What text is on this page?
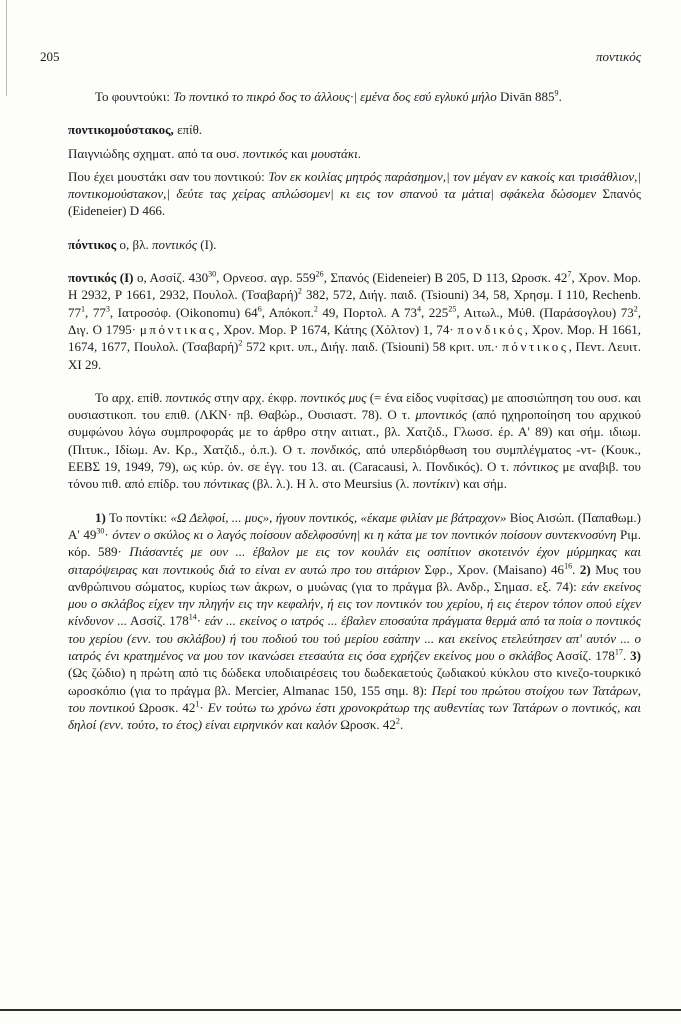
205	ποντικός

Το φουντούκι: Το ποντικό το πικρό δος το άλλους·| εμένα δος εσύ εγλυκύ μήλο Divān $885^9$.

ποντικομούστακος, επίθ.

Παιγνιώδης σχηματ. από τα ουσ. ποντικός και μουστάκι.

Που έχει μουστάκι σαν του ποντικού: Τον εκ κοιλίας μητρός παράσημον,| τον μέγαν εν κακοίς και τρισάθλιον,| ποντικομούστακον,| δεύτε τας χείρας απλώσομεν| κι εις τον σπανού τα μάτια| σφάκελα δώσομεν Σπανός (Eideneier) D 466.

πόντικος ο, βλ. ποντικός (Ι).

ποντικός (Ι) ο, Ασσίζ. $430^{30}$, Ορνεοσ. αγρ. $559^{26}$, Σπανός (Eideneier) Β 205, D 113, Ωροσκ. $42^7$, Χρον. Μορ. Η 2932, Ρ 1661, 2932, Πουλολ. $(T\sigma\alpha\beta\alpha\rho ή)^2$ 382, 572, Διήγ. παιδ. (Tsiouni) 34, 58, Χρησμ. Ι 110, Rechenb. $77^1$, $77^3$, Ιατροσόφ. (Oikonomu) $64^6$, Απόκοπ.$^2$ 49, Πορτολ. Α $73^4$, $225^{25}$, Αιτωλ., Μύθ. (Παράσογλου) $73^2$, Διγ. Ο 1795· μπόντικας, Χρον. Μορ. Ρ 1674, Κάτης (Χόλτον) 1, 74· πονδικός, Χρον. Μορ. Η 1661, 1674, 1677, Πουλολ. $(T\sigma\alpha\beta\alpha\rho ή)^2$ 572 κριτ. υπ., Διήγ. παιδ. (Tsiouni) 58 κριτ. υπ.· πόντικος, Πεντ. Λευιτ. ΧΙ 29.

Το αρχ. επίθ. ποντικός στην αρχ. έκφρ. ποντικός μυς (= ένα είδος νυφίτσας) με αποσιώπηση του ουσ. και ουσιαστικοπ. του επιθ. (ΛΚΝ· πβ. Θαβώρ., Ουσιαστ. 78). Ο τ. μποντικός (από ηχηροποίηση του αρχικού συμφώνου λόγω συμπροφοράς με το άρθρο στην αιτιατ., βλ. Χατζιδ., Γλωσσ. έρ. Α' 89) και σήμ. ιδιωμ. (Πιτυκ., Ιδίωμ. Αν. Κρ., Χατζιδ., ό.π.). Ο τ. πονδικός, από υπερδιόρθωση του συμπλέγματος -ντ- (Κουκ., ΕΕΒΣ 19, 1949, 79), ως κύρ. όν. σε έγγ. του 13. αι. (Caracausi, λ. Πονδικός). Ο τ. πόντικος με αναβιβ. του τόνου πιθ. από επίδρ. του πόντικας (βλ. λ.). Η λ. στο Meursius (λ. ποντίκιν) και σήμ.

1) Το ποντίκι: «Ω Δελφοί, ... μυς», ήγουν ποντικός, «έκαμε φιλίαν με βάτραχον» Βίος Αισώπ. (Παπαθωμ.) Α' $49^{30}\cdot ό\nu\tau\varepsilon\nu$ ο σκύλος κι ο λαγός ποίσουν αδελφοσύνη| κι η κάτα με τον ποντικόν ποίσουν συντεκνοσύνη Ριμ. κόρ. 589· Πιάσαντές με ουν ... έβαλον με εις τον κουλάν εις οσπίτιον σκοτεινόν έχον μύρμηκας και σιταρόψειρας και ποντικούς διά το είναι εν αυτώ προ του σιτάριον Σφρ., Χρον. (Maisano) $46^{16}$. 2) Μυς του ανθρώπινου σώματος, κυρίως των άκρων, ο μυώνας (για το πράγμα βλ. Ανδρ., Σημασ. εξ. 74): εάν εκείνος μου ο σκλάβος είχεν την πληγήν εις την κεφαλήν, ή εις τον ποντικόν του χερίου, ή εις έτερον τόπον οπού είχεν κίνδυνον ... Ασσίζ. $178^{14}\cdot \varepsilon ά\nu$ ... εκείνος ο ιατρός ... έβαλεν εποσαύτα πράγματα θερμά από τα ποία ο ποντικός του χερίου (ενν. του σκλάβου) ή του ποδιού του τού μερίου εσάπην ... και εκείνος ετελεύτησεν απ' αυτόν ... ο ιατρός ένι κρατημένος να μου τον ικανώσει ετεσαύτα εις όσα εχρήζεν εκείνος μου ο σκλάβος Ασσίζ. $178^{17}$. 3) (Ως ζώδιο) η πρώτη από τις δώδεκα υποδιαιρέσεις του δωδεκαετούς ζωδιακού κύκλου στο κινεζο-τουρκικό ωροσκόπιο (για το πράγμα βλ. Mercier, Almanac 150, 155 σημ. 8): Περί του πρώτου στοίχου των Τατάρων, του ποντικού Ωροσκ. $42^1\cdot E\nu$ τούτω τω χρόνω έστι χρονοκράτωρ της αυθεντίας των Τατάρων ο ποντικός, και δηλοί (ενν. τούτο, το έτος) είναι ειρηνικόν και καλόν Ωροσκ. $42^2$.
